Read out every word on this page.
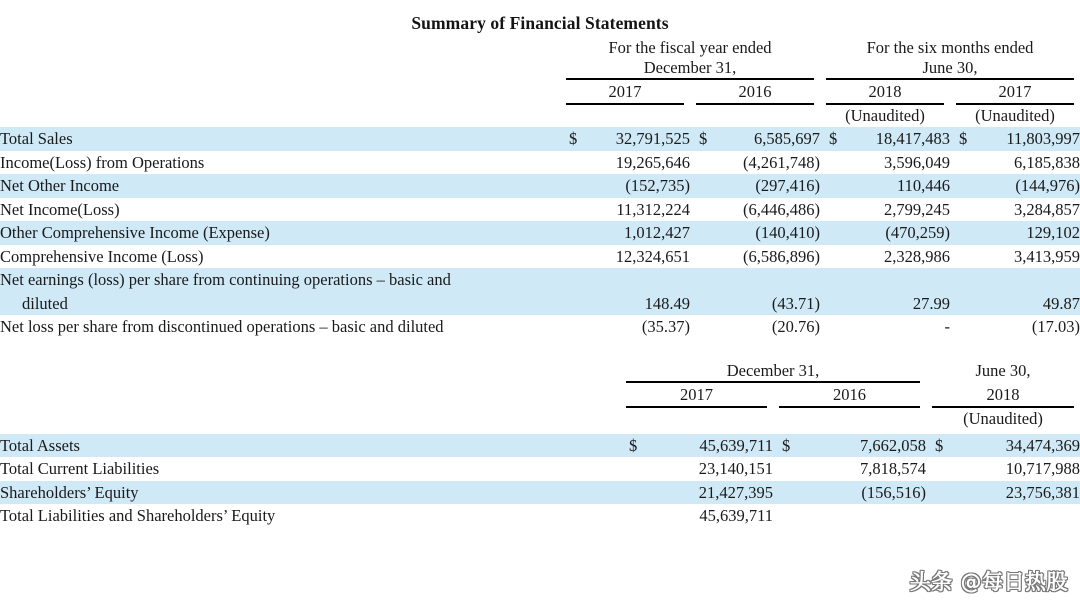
Summary of Financial Statements

For the fiscal year ended
December 31,

For the six months ended
June 30,

	2017	2016	2018	2017

			(Unaudited)	(Unaudited)
Total Sales	$ 32,791,525	$ 6,585,697	$ 18,417,483	$ 11,803,997
Income(Loss) from Operations	19,265,646	(4,261,748)	3,596,049	6,185,838
Net Other Income	(152,735)	(297,416)	110,446	(144,976)
Net Income(Loss)	11,312,224	(6,446,486)	2,799,245	3,284,857
Other Comprehensive Income (Expense)	1,012,427	(140,410)	(470,259)	129,102
Comprehensive Income (Loss)	12,324,651	(6,586,896)	2,328,986	3,413,959
Net earnings (loss) per share from continuing operations – basic and
diluted	148.49	(43.71)	27.99	49.87
Net loss per share from discontinued operations – basic and diluted	(35.37)	(20.76)	-	(17.03)
	December 31,		June 30,

	2017	2016	2018

			(Unaudited)

Total Assets	$ 45,639,711	$ 7,662,058	$ 34,474,369
Total Current Liabilities	23,140,151	7,818,574	10,717,988
Shareholders’ Equity	21,427,395	(156,516)	23,756,381
Total Liabilities and Shareholders’ Equity	45,639,711		
头条 @每日热股
